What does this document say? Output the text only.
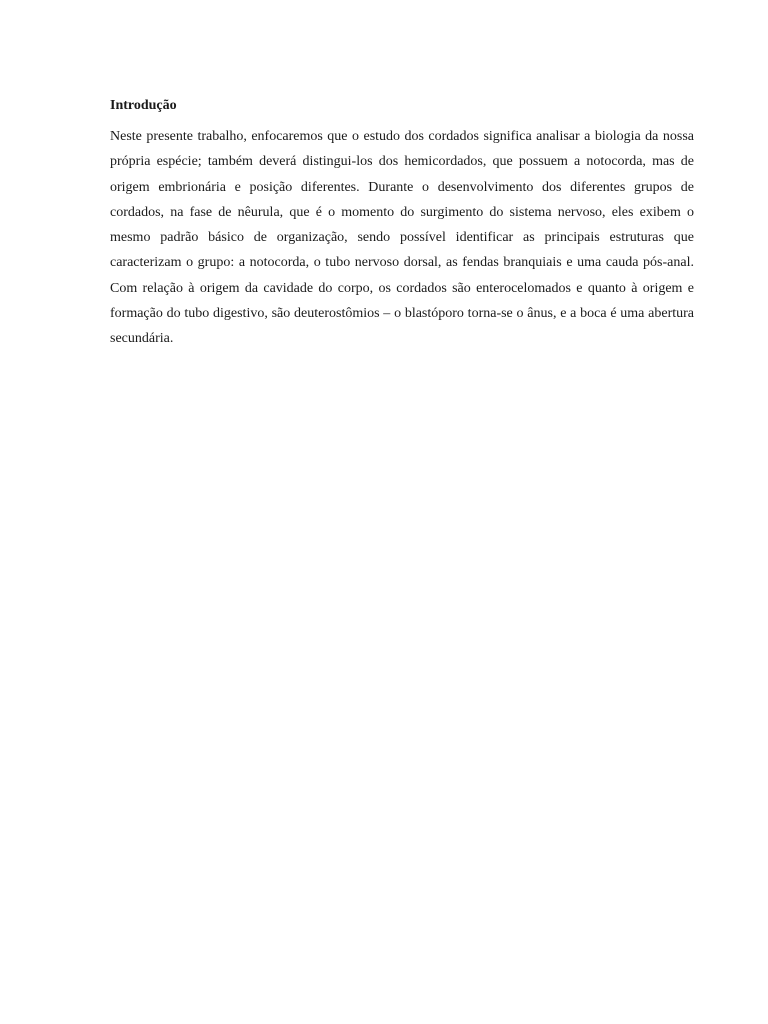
Introdução

Neste presente trabalho, enfocaremos que o estudo dos cordados significa analisar a biologia da nossa própria espécie; também deverá distingui-los dos hemicordados, que possuem a notocorda, mas de origem embrionária e posição diferentes. Durante o desenvolvimento dos diferentes grupos de cordados, na fase de nêurula, que é o momento do surgimento do sistema nervoso, eles exibem o mesmo padrão básico de organização, sendo possível identificar as principais estruturas que caracterizam o grupo: a notocorda, o tubo nervoso dorsal, as fendas branquiais e uma cauda pós-anal. Com relação à origem da cavidade do corpo, os cordados são enterocelomados e quanto à origem e formação do tubo digestivo, são deuterostômios – o blastóporo torna-se o ânus, e a boca é uma abertura secundária.
